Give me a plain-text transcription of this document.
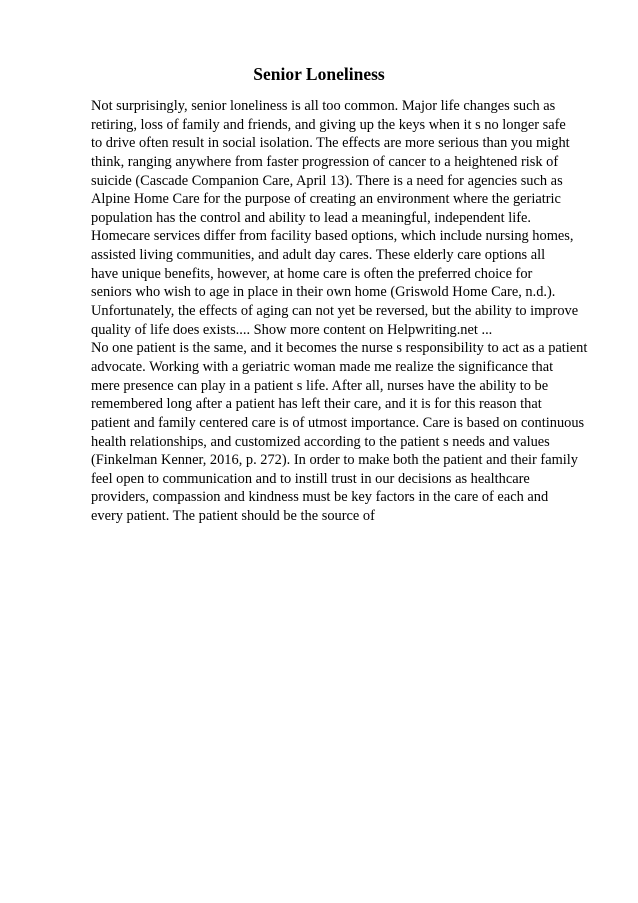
Senior Loneliness
Not surprisingly, senior loneliness is all too common. Major life changes such as
retiring, loss of family and friends, and giving up the keys when it s no longer safe
to drive often result in social isolation. The effects are more serious than you might
think, ranging anywhere from faster progression of cancer to a heightened risk of
suicide (Cascade Companion Care, April 13). There is a need for agencies such as
Alpine Home Care for the purpose of creating an environment where the geriatric
population has the control and ability to lead a meaningful, independent life.
Homecare services differ from facility based options, which include nursing homes,
assisted living communities, and adult day cares. These elderly care options all
have unique benefits, however, at home care is often the preferred choice for
seniors who wish to age in place in their own home (Griswold Home Care, n.d.).
Unfortunately, the effects of aging can not yet be reversed, but the ability to improve
quality of life does exists.... Show more content on Helpwriting.net ...
No one patient is the same, and it becomes the nurse s responsibility to act as a patient
advocate. Working with a geriatric woman made me realize the significance that
mere presence can play in a patient s life. After all, nurses have the ability to be
remembered long after a patient has left their care, and it is for this reason that
patient and family centered care is of utmost importance. Care is based on continuous
health relationships, and customized according to the patient s needs and values
(Finkelman Kenner, 2016, p. 272). In order to make both the patient and their family
feel open to communication and to instill trust in our decisions as healthcare
providers, compassion and kindness must be key factors in the care of each and
every patient. The patient should be the source of
